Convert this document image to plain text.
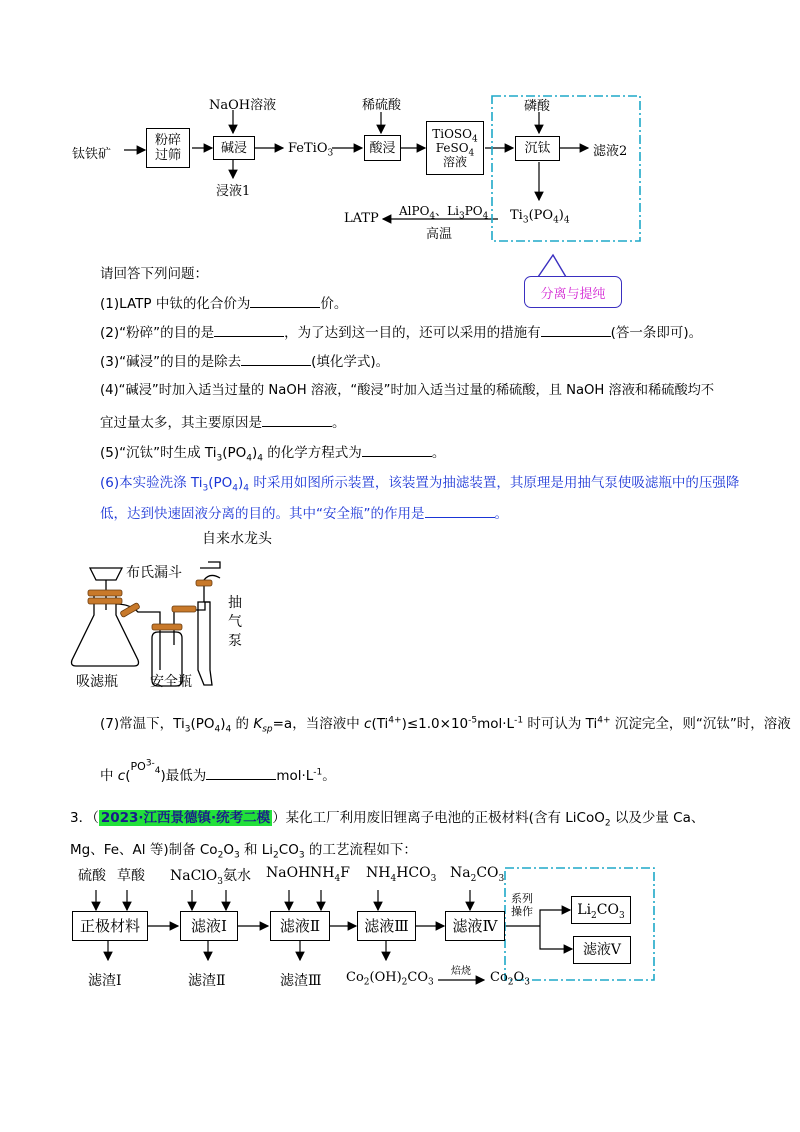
NaOH溶液	稀硫酸	磷酸
钛铁矿
粉碎
过筛	碱浸	FeTiO$_3$	酸浸
TiOSO$_4$
FeSO$_4$
溶液
沉钛	滤液2
浸液1
$Ti_3(PO_4)_4$
LATP AlPO$_4$、$Li_3PO_4$
高温
分离与提纯
请回答下列问题：
(1)LATP 中钛的化合价为	价。
(2)“粉碎”的目的是	，为了达到这一目的，还可以采用的措施有	(答一条即可)。
(3)“碱浸”的目的是除去	(填化学式)。
(4)“碱浸”时加入适当过量的 NaOH 溶液，“酸浸”时加入适当过量的稀硫酸，且 NaOH 溶液和稀硫酸均不
宜过量太多，其主要原因是	。
(5)“沉钛”时生成 $Ti_3(PO_4)_4$ 的化学方程式为	。
(6)本实验洗涤 $Ti_3(PO_4)_4$ 时采用如图所示装置，该装置为抽滤装置，其原理是用抽气泵使吸滤瓶中的压强降
低，达到快速固液分离的目的。其中“安全瓶”的作用是	。
自来水龙头
布氏漏斗
抽
气
泵
吸滤瓶 安全瓶
(7)常温下，$Ti_3(PO_4)_4$ 的 $K_{sp}=a$，当溶液中 $c(Ti^{4+})\le 1.0\times 10^{-5}mol\cdot L^{-1}$ 时可认为 $Ti^{4+}$ 沉淀完全，则“沉钛”时，溶液
中 c($^{PO^{3-}_4}$)最低为	$mol\cdot L^{-1}$。
3．（ 2023·江西景德镇·统考二模 ）某化工厂利用废旧锂离子电池的正极材料(含有 LiCoO$_2$ 以及少量 Ca、
Mg、Fe、Al 等)制备 $Co_2O_3$ 和 $Li_2CO_3$ 的工艺流程如下：
硫酸 草酸 NaClO$_3$氨水 NaOH $NH_4F$ $NH_4HCO_3$ $Na_2CO_3$
正极材料	滤液Ⅰ	滤液Ⅱ	滤液Ⅲ	滤液Ⅳ
系列
操作	$Li_2CO_3$
滤液Ⅴ
滤渣Ⅰ	滤渣Ⅱ	滤渣Ⅲ $Co_2(OH)_2CO_3$
焙烧 $Co_2O_3$
